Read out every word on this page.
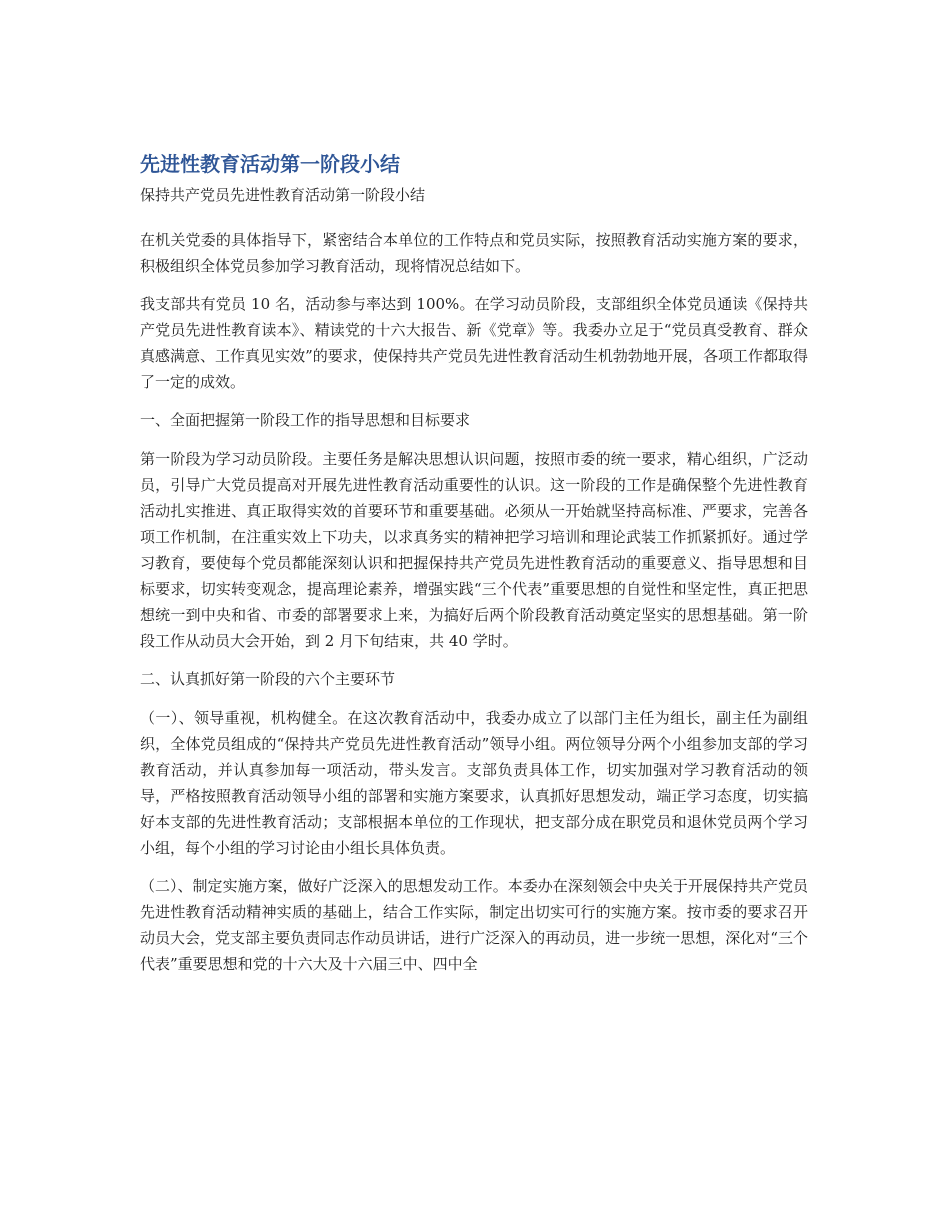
先进性教育活动第一阶段小结

保持共产党员先进性教育活动第一阶段小结

在机关党委的具体指导下，紧密结合本单位的工作特点和党员实际，按照教育活动实施方案的要求，积极组织全体党员参加学习教育活动，现将情况总结如下。

我支部共有党员 10 名，活动参与率达到 100%。在学习动员阶段，支部组织全体党员通读《保持共产党员先进性教育读本》、精读党的十六大报告、新《党章》等。我委办立足于“党员真受教育、群众真感满意、工作真见实效”的要求，使保持共产党员先进性教育活动生机勃勃地开展，各项工作都取得了一定的成效。

一、全面把握第一阶段工作的指导思想和目标要求

第一阶段为学习动员阶段。主要任务是解决思想认识问题，按照市委的统一要求，精心组织，广泛动员，引导广大党员提高对开展先进性教育活动重要性的认识。这一阶段的工作是确保整个先进性教育活动扎实推进、真正取得实效的首要环节和重要基础。必须从一开始就坚持高标准、严要求，完善各项工作机制，在注重实效上下功夫，以求真务实的精神把学习培训和理论武装工作抓紧抓好。通过学习教育，要使每个党员都能深刻认识和把握保持共产党员先进性教育活动的重要意义、指导思想和目标要求，切实转变观念，提高理论素养，增强实践“三个代表”重要思想的自觉性和坚定性，真正把思想统一到中央和省、市委的部署要求上来，为搞好后两个阶段教育活动奠定坚实的思想基础。第一阶段工作从动员大会开始，到 2 月下旬结束，共 40 学时。

二、认真抓好第一阶段的六个主要环节

（一）、领导重视，机构健全。在这次教育活动中，我委办成立了以部门主任为组长，副主任为副组织，全体党员组成的“保持共产党员先进性教育活动”领导小组。两位领导分两个小组参加支部的学习教育活动，并认真参加每一项活动，带头发言。支部负责具体工作，切实加强对学习教育活动的领导，严格按照教育活动领导小组的部署和实施方案要求，认真抓好思想发动，端正学习态度，切实搞好本支部的先进性教育活动；支部根据本单位的工作现状，把支部分成在职党员和退休党员两个学习小组，每个小组的学习讨论由小组长具体负责。

（二）、制定实施方案，做好广泛深入的思想发动工作。本委办在深刻领会中央关于开展保持共产党员先进性教育活动精神实质的基础上，结合工作实际，制定出切实可行的实施方案。按市委的要求召开动员大会，党支部主要负责同志作动员讲话，进行广泛深入的再动员，进一步统一思想，深化对“三个代表”重要思想和党的十六大及十六届三中、四中全
